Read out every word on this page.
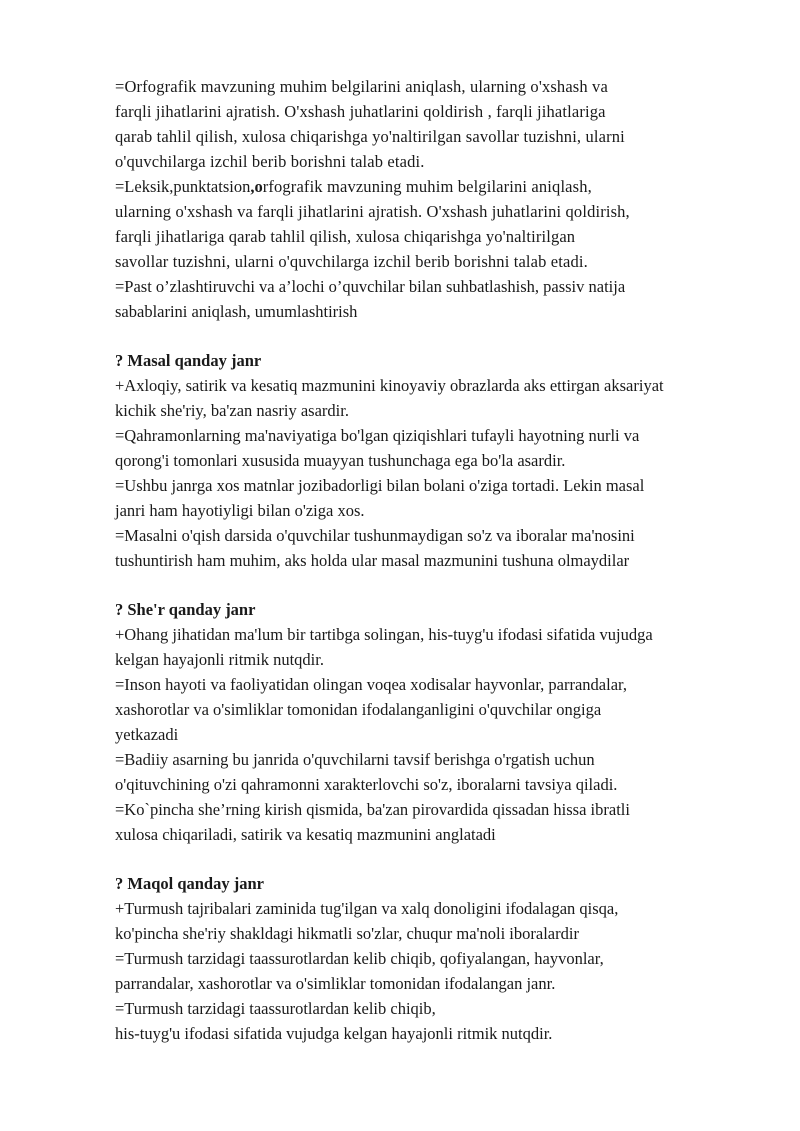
=Orfografik mavzuning muhim belgilarini aniqlash, ularning o'xshash va
farqli jihatlarini ajratish. O'xshash juhatlarini qoldirish , farqli jihatlariga
qarab tahlil qilish, xulosa chiqarishga yo'naltirilgan savollar tuzishni, ularni
o'quvchilarga izchil berib borishni talab etadi.
=Leksik,punktatsion,orfografik mavzuning muhim belgilarini aniqlash,
ularning o'xshash va farqli jihatlarini ajratish. O'xshash juhatlarini qoldirish,
farqli jihatlariga qarab tahlil qilish, xulosa chiqarishga yo'naltirilgan
savollar tuzishni, ularni o'quvchilarga izchil berib borishni talab etadi.
=Past o’zlashtiruvchi va a’lochi o’quvchilar bilan suhbatlashish, passiv natija
sabablarini aniqlash, umumlashtirish
? Masal qanday janr
+Axloqiy, satirik va kesatiq mazmunini kinoyaviy obrazlarda aks ettirgan aksariyat
kichik she'riy, ba'zan nasriy asardir.
=Qahramonlarning ma'naviyatiga bo'lgan qiziqishlari tufayli hayotning nurli va
qorong'i tomonlari xususida muayyan tushunchaga ega bo'la asardir.
=Ushbu janrga xos matnlar jozibadorligi bilan bolani o'ziga tortadi. Lekin masal
janri ham hayotiyligi bilan o'ziga xos.
=Masalni o'qish darsida o'quvchilar tushunmaydigan so'z va iboralar ma'nosini
tushuntirish ham muhim, aks holda ular masal mazmunini tushuna olmaydilar
? She'r qanday janr
+Ohang jihatidan ma'lum bir tartibga solingan, his-tuyg'u ifodasi sifatida vujudga
kelgan hayajonli ritmik nutqdir.
=Inson hayoti va faoliyatidan olingan voqea xodisalar hayvonlar, parrandalar,
xashorotlar va o'simliklar tomonidan ifodalanganligini o'quvchilar ongiga
yetkazadi
=Badiiy asarning bu janrida o'quvchilarni tavsif berishga o'rgatish uchun
o'qituvchining o'zi qahramonni xarakterlovchi so'z, iboralarni tavsiya qiladi.
=Ko`pincha she’rning kirish qismida, ba'zan pirovardida qissadan hissa ibratli
xulosa chiqariladi, satirik va kesatiq mazmunini anglatadi
? Maqol qanday janr
+Turmush tajribalari zaminida tug'ilgan va xalq donoligini ifodalagan qisqa,
ko'pincha she'riy shakldagi hikmatli so'zlar, chuqur ma'noli iboralardir
=Turmush tarzidagi taassurotlardan kelib chiqib, qofiyalangan, hayvonlar,
parrandalar, xashorotlar va o'simliklar tomonidan ifodalangan janr.
=Turmush tarzidagi taassurotlardan kelib chiqib,
his-tuyg'u ifodasi sifatida vujudga kelgan hayajonli ritmik nutqdir.
